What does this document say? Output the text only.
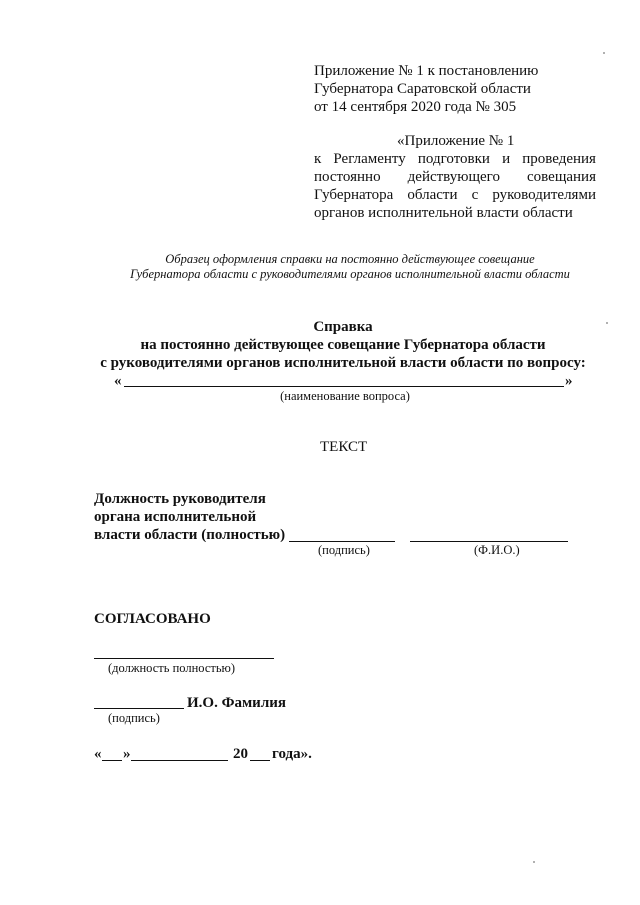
Приложение № 1 к постановлению
Губернатора Саратовской области
от 14 сентября 2020 года № 305
«Приложение № 1
к Регламенту подготовки и проведения
постоянно действующего совещания
Губернатора области с руководителями
органов исполнительной власти области
Образец оформления справки на постоянно действующее совещание
Губернатора области с руководителями органов исполнительной власти области
Справка
на постоянно действующее совещание Губернатора области
с руководителями органов исполнительной власти области по вопросу:
«	»
(наименование вопроса)
ТЕКСТ
Должность руководителя
органа исполнительной
власти области (полностью)
(подпись)	(Ф.И.О.)
СОГЛАСОВАНО
(должность полностью)
И.О. Фамилия
(подпись)
« »	20 года».
